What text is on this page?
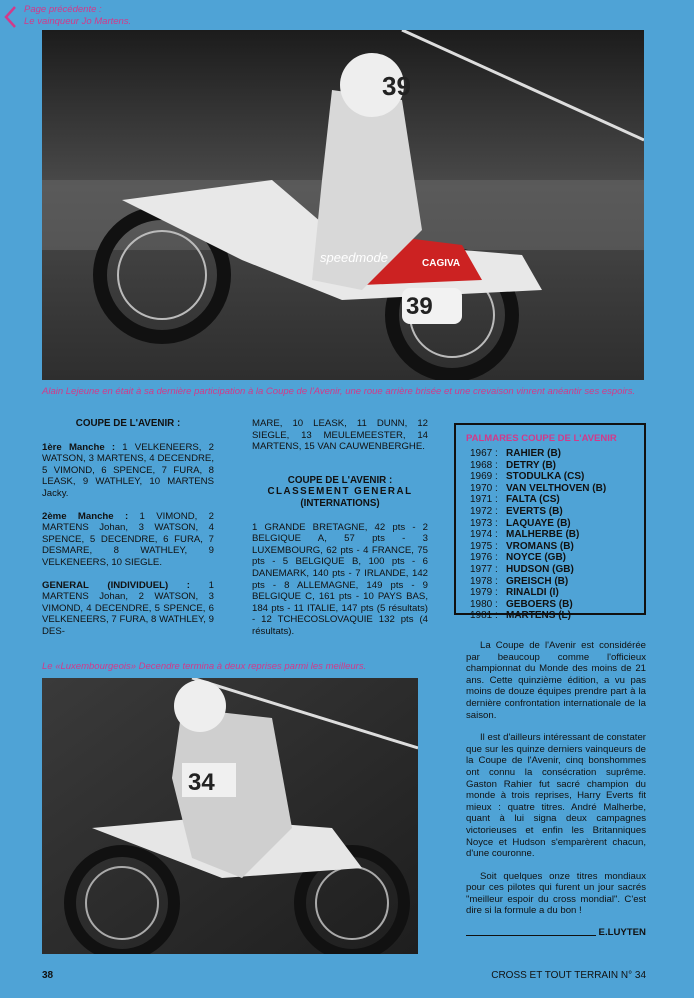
Page précédente :
Le vainqueur Jo Martens.
39
39
CAGIVA
speedmode
Alain Lejeune en était à sa dernière participation à la Coupe de l'Avenir, une roue arrière brisée et une crevaison vinrent anéantir ses espoirs.

COUPE DE L'AVENIR :

1ère Manche : 1 VELKENEERS, 2 WATSON, 3 MARTENS, 4 DECENDRE, 5 VIMOND, 6 SPENCE, 7 FURA, 8 LEASK, 9 WATHLEY, 10 MARTENS Jacky.

2ème Manche : 1 VIMOND, 2 MARTENS Johan, 3 WATSON, 4 SPENCE, 5 DECENDRE, 6 FURA, 7 DESMARE, 8 WATHLEY, 9 VELKENEERS, 10 SIEGLE.

GENERAL (INDIVIDUEL) : 1 MARTENS Johan, 2 WATSON, 3 VIMOND, 4 DECENDRE, 5 SPENCE, 6 VELKENEERS, 7 FURA, 8 WATHLEY, 9 DES-

MARE, 10 LEASK, 11 DUNN, 12 SIEGLE, 13 MEULEMEESTER, 14 MARTENS, 15 VAN CAUWENBERGHE.

COUPE DE L'AVENIR :
CLASSEMENT GENERAL
(INTERNATIONS)

1 GRANDE BRETAGNE, 42 pts - 2 BELGIQUE A, 57 pts - 3 LUXEMBOURG, 62 pts - 4 FRANCE, 75 pts - 5 BELGIQUE B, 100 pts - 6 DANEMARK, 140 pts - 7 IRLANDE, 142 pts - 8 ALLEMAGNE, 149 pts - 9 BELGIQUE C, 161 pts - 10 PAYS BAS, 184 pts - 11 ITALIE, 147 pts (5 résultats) - 12 TCHECOSLOVAQUIE 132 pts (4 résultats).

PALMARES COUPE DE L'AVENIR
1967 : RAHIER (B)
1968 : DETRY (B)
1969 : STODULKA (CS)
1970 : VAN VELTHOVEN (B)
1971 : FALTA (CS)
1972 : EVERTS (B)
1973 : LAQUAYE (B)
1974 : MALHERBE (B)
1975 : VROMANS (B)
1976 : NOYCE (GB)
1977 : HUDSON (GB)
1978 : GREISCH (B)
1979 : RINALDI (I)
1980 : GEBOERS (B)
1981 : MARTENS (L)
Le «Luxembourgeois» Decendre termina à deux reprises parmi les meilleurs.
34

La Coupe de l'Avenir est considérée par beaucoup comme l'officieux championnat du Monde des moins de 21 ans. Cette quinzième édition, a vu pas moins de douze équipes prendre part à la dernière confrontation internationale de la saison.

Il est d'ailleurs intéressant de constater que sur les quinze derniers vainqueurs de la Coupe de l'Avenir, cinq bonshommes ont connu la consécration suprême. Gaston Rahier fut sacré champion du monde à trois reprises, Harry Everts fit mieux : quatre titres. André Malherbe, quant à lui signa deux campagnes victorieuses et enfin les Britanniques Noyce et Hudson s'emparèrent chacun, d'une couronne.

Soit quelques onze titres mondiaux pour ces pilotes qui furent un jour sacrés "meilleur espoir du cross mondial". C'est dire si la formule a du bon !

E.LUYTEN
38	CROSS ET TOUT TERRAIN N° 34
